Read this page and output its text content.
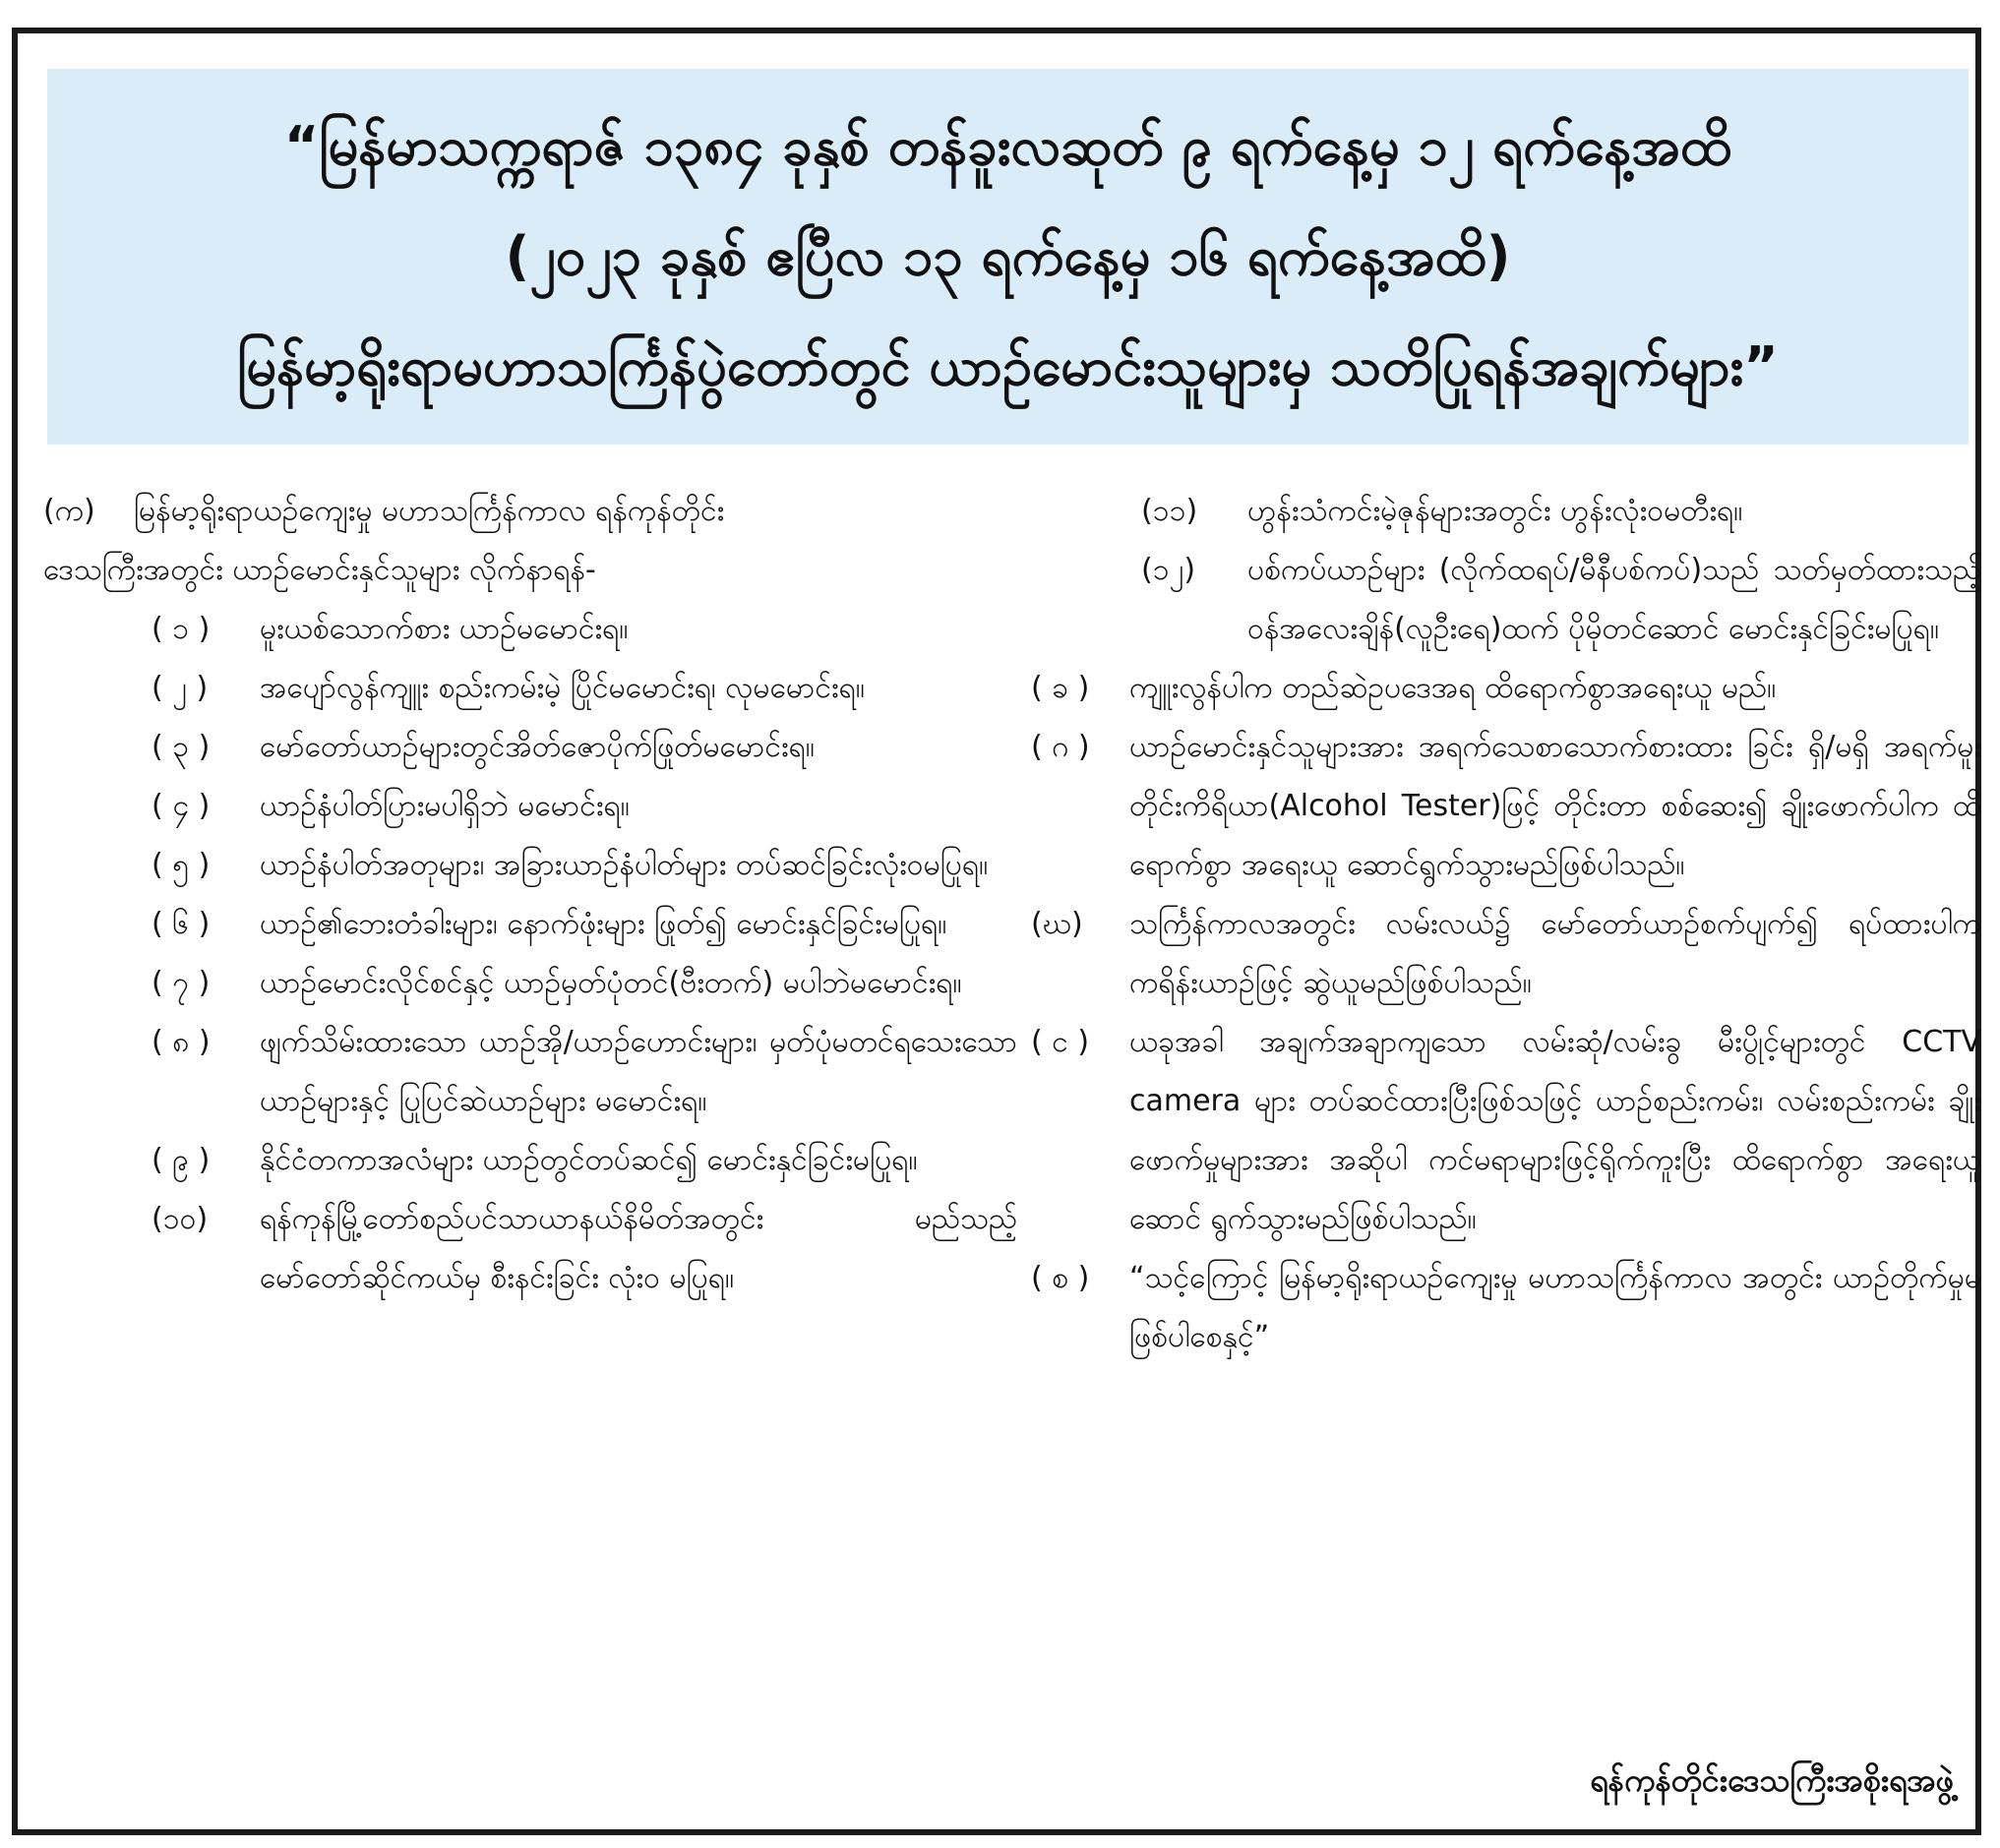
“မြန်မာသက္ကရာဇ် ၁၃၈၄ ခုနှစ် တန်ခူးလဆုတ် ၉ ရက်နေ့မှ ၁၂ ရက်နေ့အထိ
(၂၀၂၃ ခုနှစ် ဧပြီလ ၁၃ ရက်နေ့မှ ၁၆ ရက်နေ့အထိ)
မြန်မာ့ရိုးရာမဟာသင်္ကြန်ပွဲတော်တွင် ယာဉ်မောင်းသူများမှ သတိပြုရန်အချက်များ”
(က)	မြန်မာ့ရိုးရာယဉ်ကျေးမှု မဟာသင်္ကြန်ကာလ ရန်ကုန်တိုင်း
ဒေသကြီးအတွင်း ယာဉ်မောင်းနှင်သူများ လိုက်နာရန်-
( ၁ )	မူးယစ်သောက်စား ယာဉ်မမောင်းရ။
( ၂ )	အပျော်လွန်ကျူး စည်းကမ်းမဲ့ ပြိုင်မမောင်းရ၊ လုမမောင်းရ။
( ၃ )	မော်တော်ယာဉ်များတွင်အိတ်ဇောပိုက်ဖြုတ်မမောင်းရ။
( ၄ )	ယာဉ်နံပါတ်ပြားမပါရှိဘဲ မမောင်းရ။
( ၅ )	ယာဉ်နံပါတ်အတုများ၊ အခြားယာဉ်နံပါတ်များ တပ်ဆင်ခြင်းလုံးဝမပြုရ။
( ၆ )	ယာဉ်၏ဘေးတံခါးများ၊ နောက်ဖုံးများ ဖြုတ်၍ မောင်းနှင်ခြင်းမပြုရ။
( ၇ )	ယာဉ်မောင်းလိုင်စင်နှင့် ယာဉ်မှတ်ပုံတင်(ဗီးတက်) မပါဘဲမမောင်းရ။
( ၈ )	ဖျက်သိမ်းထားသော ယာဉ်အို/ယာဉ်ဟောင်းများ၊ မှတ်ပုံမတင်ရသေးသော ယာဉ်များနှင့် ပြုပြင်ဆဲယာဉ်များ မမောင်းရ။
( ၉ )	နိုင်ငံတကာအလံများ ယာဉ်တွင်တပ်ဆင်၍ မောင်းနှင်ခြင်းမပြုရ။
(၁၀)	ရန်ကုန်မြို့တော်စည်ပင်သာယာနယ်နိမိတ်အတွင်း မည်သည့်မော်တော်ဆိုင်ကယ်မှ စီးနင်းခြင်း လုံးဝ မပြုရ။
(၁၁)	ဟွန်းသံကင်းမဲ့ဇုန်များအတွင်း ဟွန်းလုံးဝမတီးရ။
(၁၂)	ပစ်ကပ်ယာဉ်များ (လိုက်ထရပ်/မီနီပစ်ကပ်)သည် သတ်မှတ်ထားသည့် ဝန်အလေးချိန်(လူဦးရေ)ထက် ပိုမိုတင်ဆောင် မောင်းနှင်ခြင်းမပြုရ။
( ခ )	ကျူးလွန်ပါက တည်ဆဲဥပဒေအရ ထိရောက်စွာအရေးယူ မည်။
( ဂ )	ယာဉ်မောင်းနှင်သူများအား အရက်သေစာသောက်စားထား ခြင်း ရှိ/မရှိ အရက်မူးတိုင်းကိရိယာ(Alcohol Tester)ဖြင့် တိုင်းတာ စစ်ဆေး၍ ချိုးဖောက်ပါက ထိရောက်စွာ အရေးယူ ဆောင်ရွက်သွားမည်ဖြစ်ပါသည်။
(ဃ)	သင်္ကြန်ကာလအတွင်း လမ်းလယ်၌ မော်တော်ယာဉ်စက်ပျက်၍ ရပ်ထားပါက ကရိန်းယာဉ်ဖြင့် ဆွဲယူမည်ဖြစ်ပါသည်။
( င )	ယခုအခါ အချက်အချာကျသော လမ်းဆုံ/လမ်းခွ မီးပွိုင့်များတွင် CCTV camera များ တပ်ဆင်ထားပြီးဖြစ်သဖြင့် ယာဉ်စည်းကမ်း၊ လမ်းစည်းကမ်း ချိုးဖောက်မှုများအား အဆိုပါ ကင်မရာများဖြင့်ရိုက်ကူးပြီး ထိရောက်စွာ အရေးယူဆောင် ရွက်သွားမည်ဖြစ်ပါသည်။
( စ )	“သင့်ကြောင့် မြန်မာ့ရိုးရာယဉ်ကျေးမှု မဟာသင်္ကြန်ကာလ အတွင်း ယာဉ်တိုက်မှုမဖြစ်ပါစေနှင့်”
ရန်ကုန်တိုင်းဒေသကြီးအစိုးရအဖွဲ့
